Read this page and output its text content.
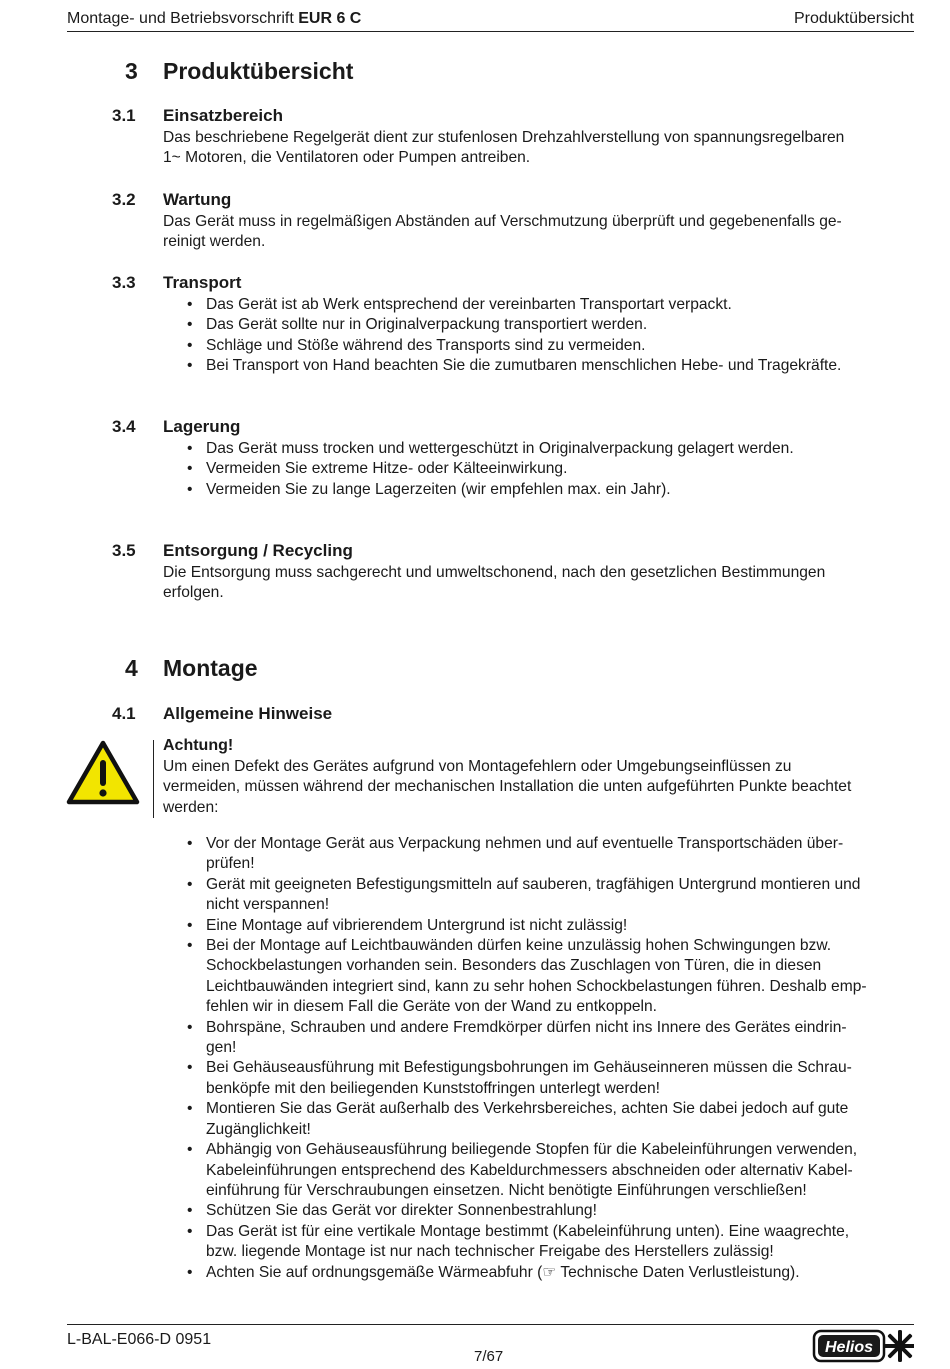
Montage- und Betriebsvorschrift EUR 6 C	Produktübersicht
3 Produktübersicht
3.1 Einsatzbereich
Das beschriebene Regelgerät dient zur stufenlosen Drehzahlverstellung von spannungsregelbaren
1~ Motoren, die Ventilatoren oder Pumpen antreiben.
3.2 Wartung
Das Gerät muss in regelmäßigen Abständen auf Verschmutzung überprüft und gegebenenfalls ge-
reinigt werden.
3.3 Transport
• Das Gerät ist ab Werk entsprechend der vereinbarten Transportart verpackt.
• Das Gerät sollte nur in Originalverpackung transportiert werden.
• Schläge und Stöße während des Transports sind zu vermeiden.
• Bei Transport von Hand beachten Sie die zumutbaren menschlichen Hebe- und Tragekräfte.
3.4 Lagerung
• Das Gerät muss trocken und wettergeschützt in Originalverpackung gelagert werden.
• Vermeiden Sie extreme Hitze- oder Kälteeinwirkung.
• Vermeiden Sie zu lange Lagerzeiten (wir empfehlen max. ein Jahr).
3.5 Entsorgung / Recycling
Die Entsorgung muss sachgerecht und umweltschonend, nach den gesetzlichen Bestimmungen
erfolgen.
4 Montage
4.1 Allgemeine Hinweise
Achtung!
Um einen Defekt des Gerätes aufgrund von Montagefehlern oder Umgebungseinflüssen zu
vermeiden, müssen während der mechanischen Installation die unten aufgeführten Punkte beachtet
werden:
• Vor der Montage Gerät aus Verpackung nehmen und auf eventuelle Transportschäden über-
prüfen!
• Gerät mit geeigneten Befestigungsmitteln auf sauberen, tragfähigen Untergrund montieren und
nicht verspannen!
• Eine Montage auf vibrierendem Untergrund ist nicht zulässig!
• Bei der Montage auf Leichtbauwänden dürfen keine unzulässig hohen Schwingungen bzw.
Schockbelastungen vorhanden sein. Besonders das Zuschlagen von Türen, die in diesen
Leichtbauwänden integriert sind, kann zu sehr hohen Schockbelastungen führen. Deshalb emp-
fehlen wir in diesem Fall die Geräte von der Wand zu entkoppeln.
• Bohrspäne, Schrauben und andere Fremdkörper dürfen nicht ins Innere des Gerätes eindrin-
gen!
• Bei Gehäuseausführung mit Befestigungsbohrungen im Gehäuseinneren müssen die Schrau-
benköpfe mit den beiliegenden Kunststoffringen unterlegt werden!
• Montieren Sie das Gerät außerhalb des Verkehrsbereiches, achten Sie dabei jedoch auf gute
Zugänglichkeit!
• Abhängig von Gehäuseausführung beiliegende Stopfen für die Kabeleinführungen verwenden,
Kabeleinführungen entsprechend des Kabeldurchmessers abschneiden oder alternativ Kabel-
einführung für Verschraubungen einsetzen. Nicht benötigte Einführungen verschließen!
• Schützen Sie das Gerät vor direkter Sonnenbestrahlung!
• Das Gerät ist für eine vertikale Montage bestimmt (Kabeleinführung unten). Eine waagrechte,
bzw. liegende Montage ist nur nach technischer Freigabe des Herstellers zulässig!
• Achten Sie auf ordnungsgemäße Wärmeabfuhr (☞ Technische Daten Verlustleistung).
L-BAL-E066-D 0951
7/67
Helios
